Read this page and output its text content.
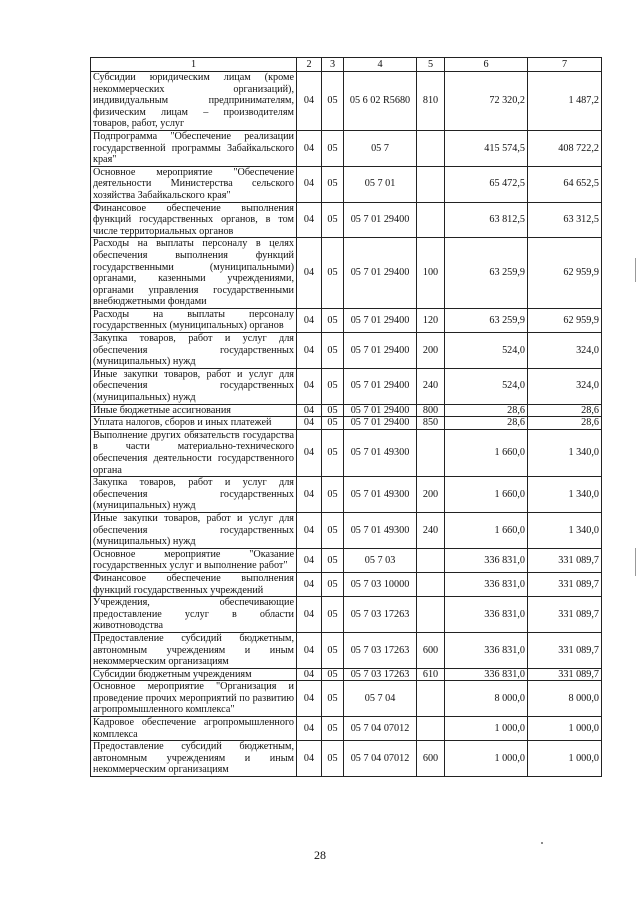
1	2	3	4	5	6	7
Субсидии юридическим лицам (кроме некоммерческих организаций), индивидуальным предпринимателям, физическим лицам – производителям товаров, работ, услуг	04	05	05 6 02 R5680	810	72 320,2	1 487,2
Подпрограмма "Обеспечение реализации государственной программы Забайкальского края"	04	05	05 7		415 574,5	408 722,2
Основное мероприятие "Обеспечение деятельности Министерства сельского хозяйства Забайкальского края"	04	05	05 7 01		65 472,5	64 652,5
Финансовое обеспечение выполнения функций государственных органов, в том числе территориальных органов	04	05	05 7 01 29400		63 812,5	63 312,5
Расходы на выплаты персоналу в целях обеспечения выполнения функций государственными (муниципальными) органами, казенными учреждениями, органами управления государственными внебюджетными фондами	04	05	05 7 01 29400	100	63 259,9	62 959,9
Расходы на выплаты персоналу государственных (муниципальных) органов	04	05	05 7 01 29400	120	63 259,9	62 959,9
Закупка товаров, работ и услуг для обеспечения государственных (муниципальных) нужд	04	05	05 7 01 29400	200	524,0	324,0
Иные закупки товаров, работ и услуг для обеспечения государственных (муниципальных) нужд	04	05	05 7 01 29400	240	524,0	324,0
Иные бюджетные ассигнования	04	05	05 7 01 29400	800	28,6	28,6
Уплата налогов, сборов и иных платежей	04	05	05 7 01 29400	850	28,6	28,6
Выполнение других обязательств государства в части материально-технического обеспечения деятельности государственного органа	04	05	05 7 01 49300		1 660,0	1 340,0
Закупка товаров, работ и услуг для обеспечения государственных (муниципальных) нужд	04	05	05 7 01 49300	200	1 660,0	1 340,0
Иные закупки товаров, работ и услуг для обеспечения государственных (муниципальных) нужд	04	05	05 7 01 49300	240	1 660,0	1 340,0
Основное мероприятие "Оказание государственных услуг и выполнение работ"	04	05	05 7 03		336 831,0	331 089,7
Финансовое обеспечение выполнения функций государственных учреждений	04	05	05 7 03 10000		336 831,0	331 089,7
Учреждения, обеспечивающие предоставление услуг в области животноводства	04	05	05 7 03 17263		336 831,0	331 089,7
Предоставление субсидий бюджетным, автономным учреждениям и иным некоммерческим организациям	04	05	05 7 03 17263	600	336 831,0	331 089,7
Субсидии бюджетным учреждениям	04	05	05 7 03 17263	610	336 831,0	331 089,7
Основное мероприятие "Организация и проведение прочих мероприятий по развитию агропромышленного комплекса"	04	05	05 7 04		8 000,0	8 000,0
Кадровое обеспечение агропромышленного комплекса	04	05	05 7 04 07012		1 000,0	1 000,0
Предоставление субсидий бюджетным, автономным учреждениям и иным некоммерческим организациям	04	05	05 7 04 07012	600	1 000,0	1 000,0
28
